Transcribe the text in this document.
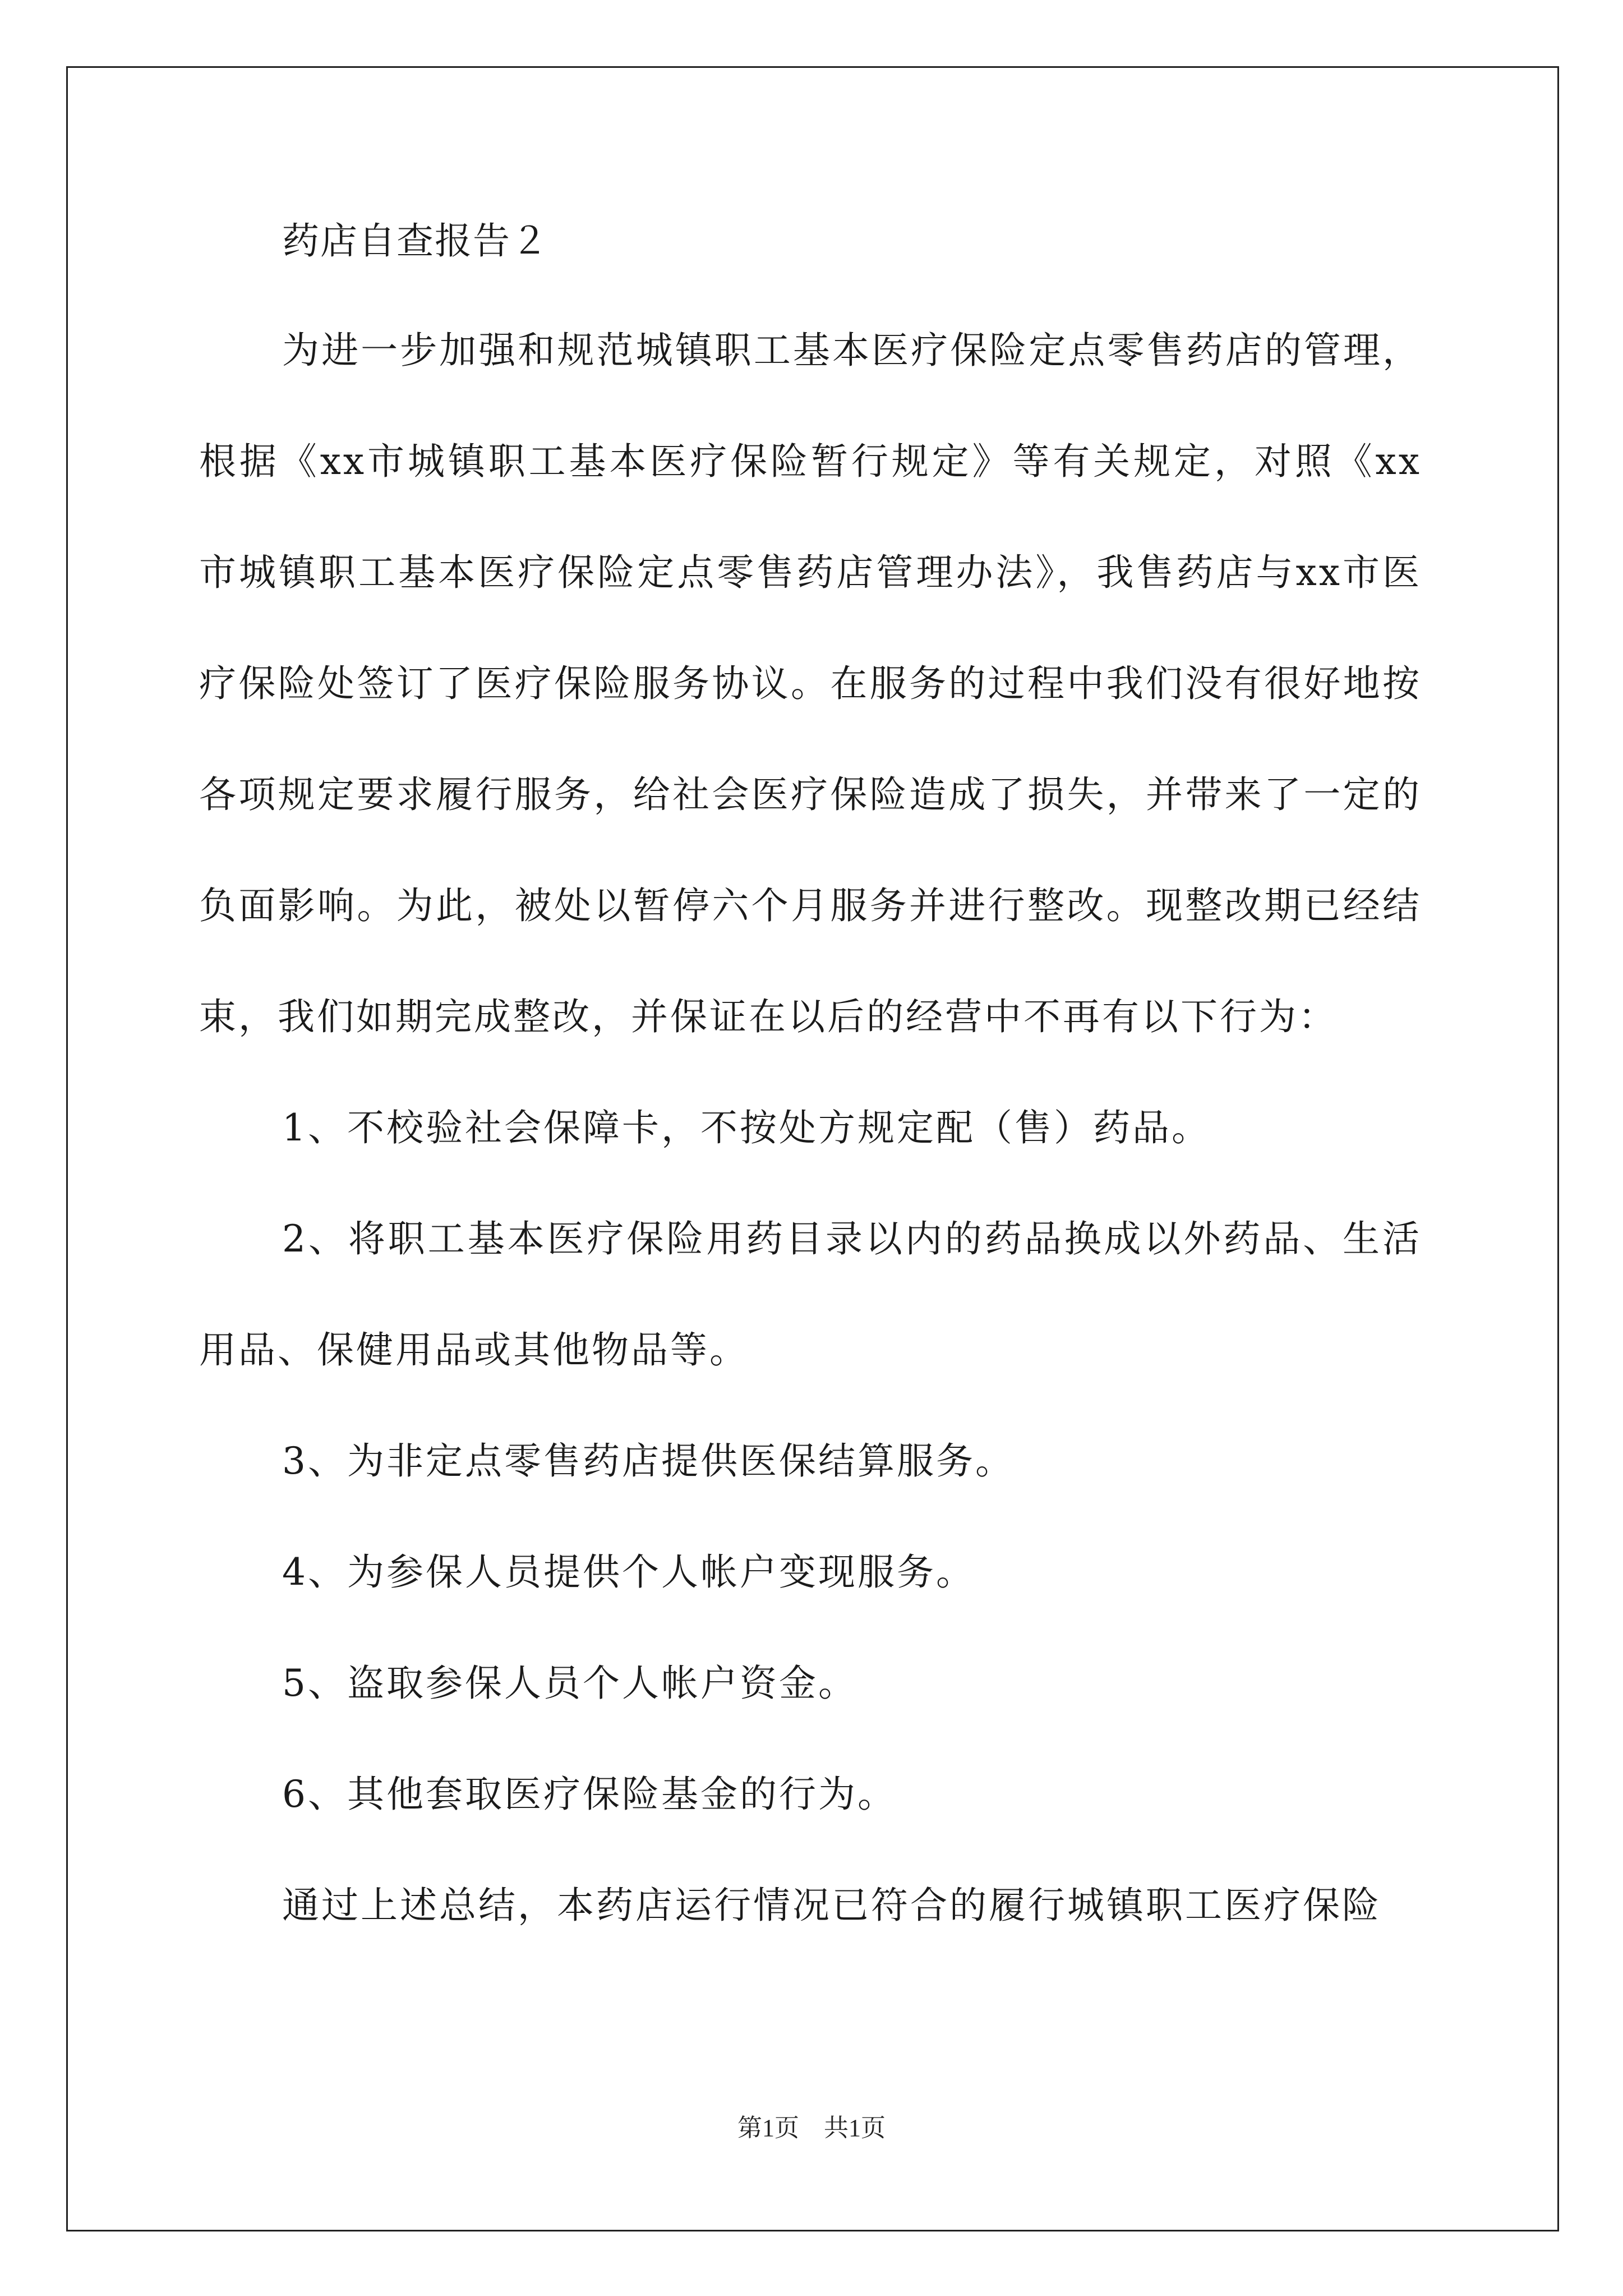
药店自查报告２

为进一步加强和规范城镇职工基本医疗保险定点零售药店的管理，根据《xx市城镇职工基本医疗保险暂行规定》等有关规定，对照《xx市城镇职工基本医疗保险定点零售药店管理办法》，我售药店与xx市医疗保险处签订了医疗保险服务协议。在服务的过程中我们没有很好地按各项规定要求履行服务，给社会医疗保险造成了损失，并带来了一定的负面影响。为此，被处以暂停六个月服务并进行整改。现整改期已经结束，我们如期完成整改，并保证在以后的经营中不再有以下行为：

1、不校验社会保障卡，不按处方规定配（售）药品。

2、将职工基本医疗保险用药目录以内的药品换成以外药品、生活用品、保健用品或其他物品等。

3、为非定点零售药店提供医保结算服务。

4、为参保人员提供个人帐户变现服务。

5、盗取参保人员个人帐户资金。

6、其他套取医疗保险基金的行为。

通过上述总结，本药店运行情况已符合的履行城镇职工医疗保险

第1页　共1页
